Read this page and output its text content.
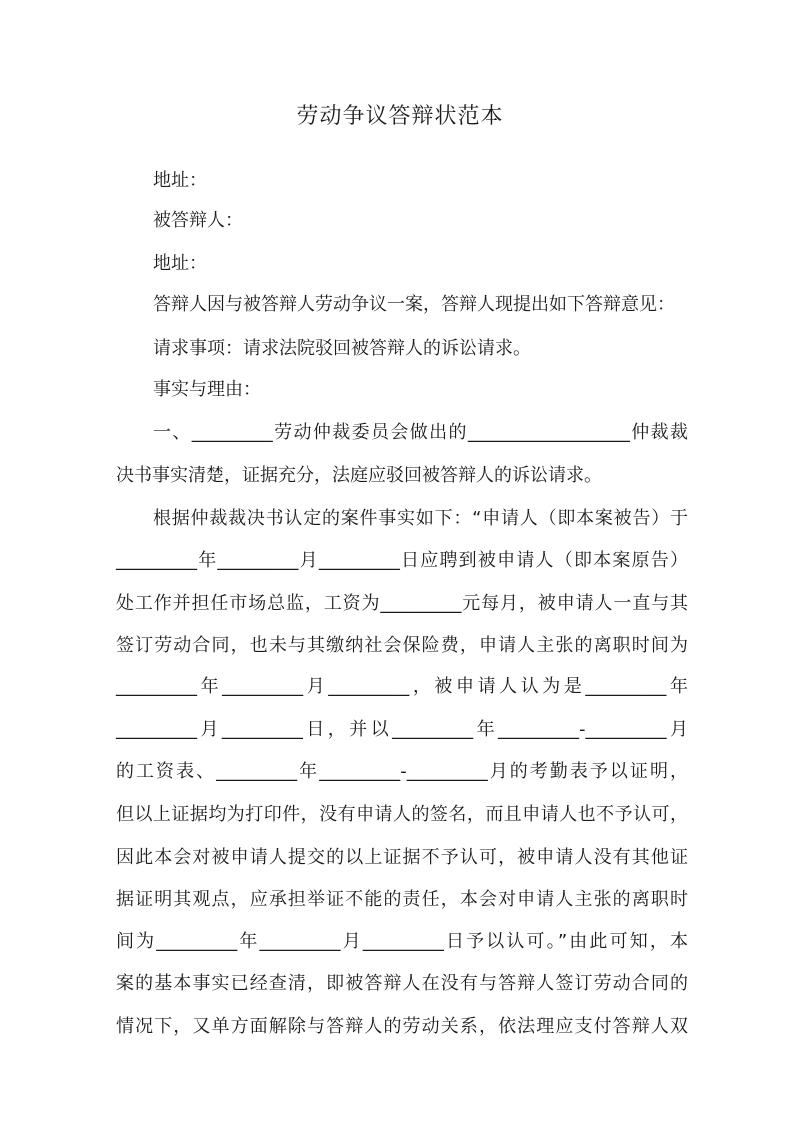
劳动争议答辩状范本
地址：
被答辩人：
地址：
答辩人因与被答辩人劳动争议一案，答辩人现提出如下答辩意见：
请求事项：请求法院驳回被答辩人的诉讼请求。
事实与理由：
一、_________劳动仲裁委员会做出的__________________仲裁裁
决书事实清楚，证据充分，法庭应驳回被答辩人的诉讼请求。
根据仲裁裁决书认定的案件事实如下：“申请人（即本案被告）于
_________年_________月_________日应聘到被申请人（即本案原告）
处工作并担任市场总监，工资为_________元每月，被申请人一直与其
签订劳动合同，也未与其缴纳社会保险费，申请人主张的离职时间为
_________年_________月_________，被申请人认为是_________年
_________月_________日，并以_________年_________-_________月
的工资表、_________年_________-_________月的考勤表予以证明，
但以上证据均为打印件，没有申请人的签名，而且申请人也不予认可，
因此本会对被申请人提交的以上证据不予认可，被申请人没有其他证
据证明其观点，应承担举证不能的责任，本会对申请人主张的离职时
间为_________年_________月_________日予以认可。”由此可知，本
案的基本事实已经查清，即被答辩人在没有与答辩人签订劳动合同的
情况下，又单方面解除与答辩人的劳动关系，依法理应支付答辩人双
